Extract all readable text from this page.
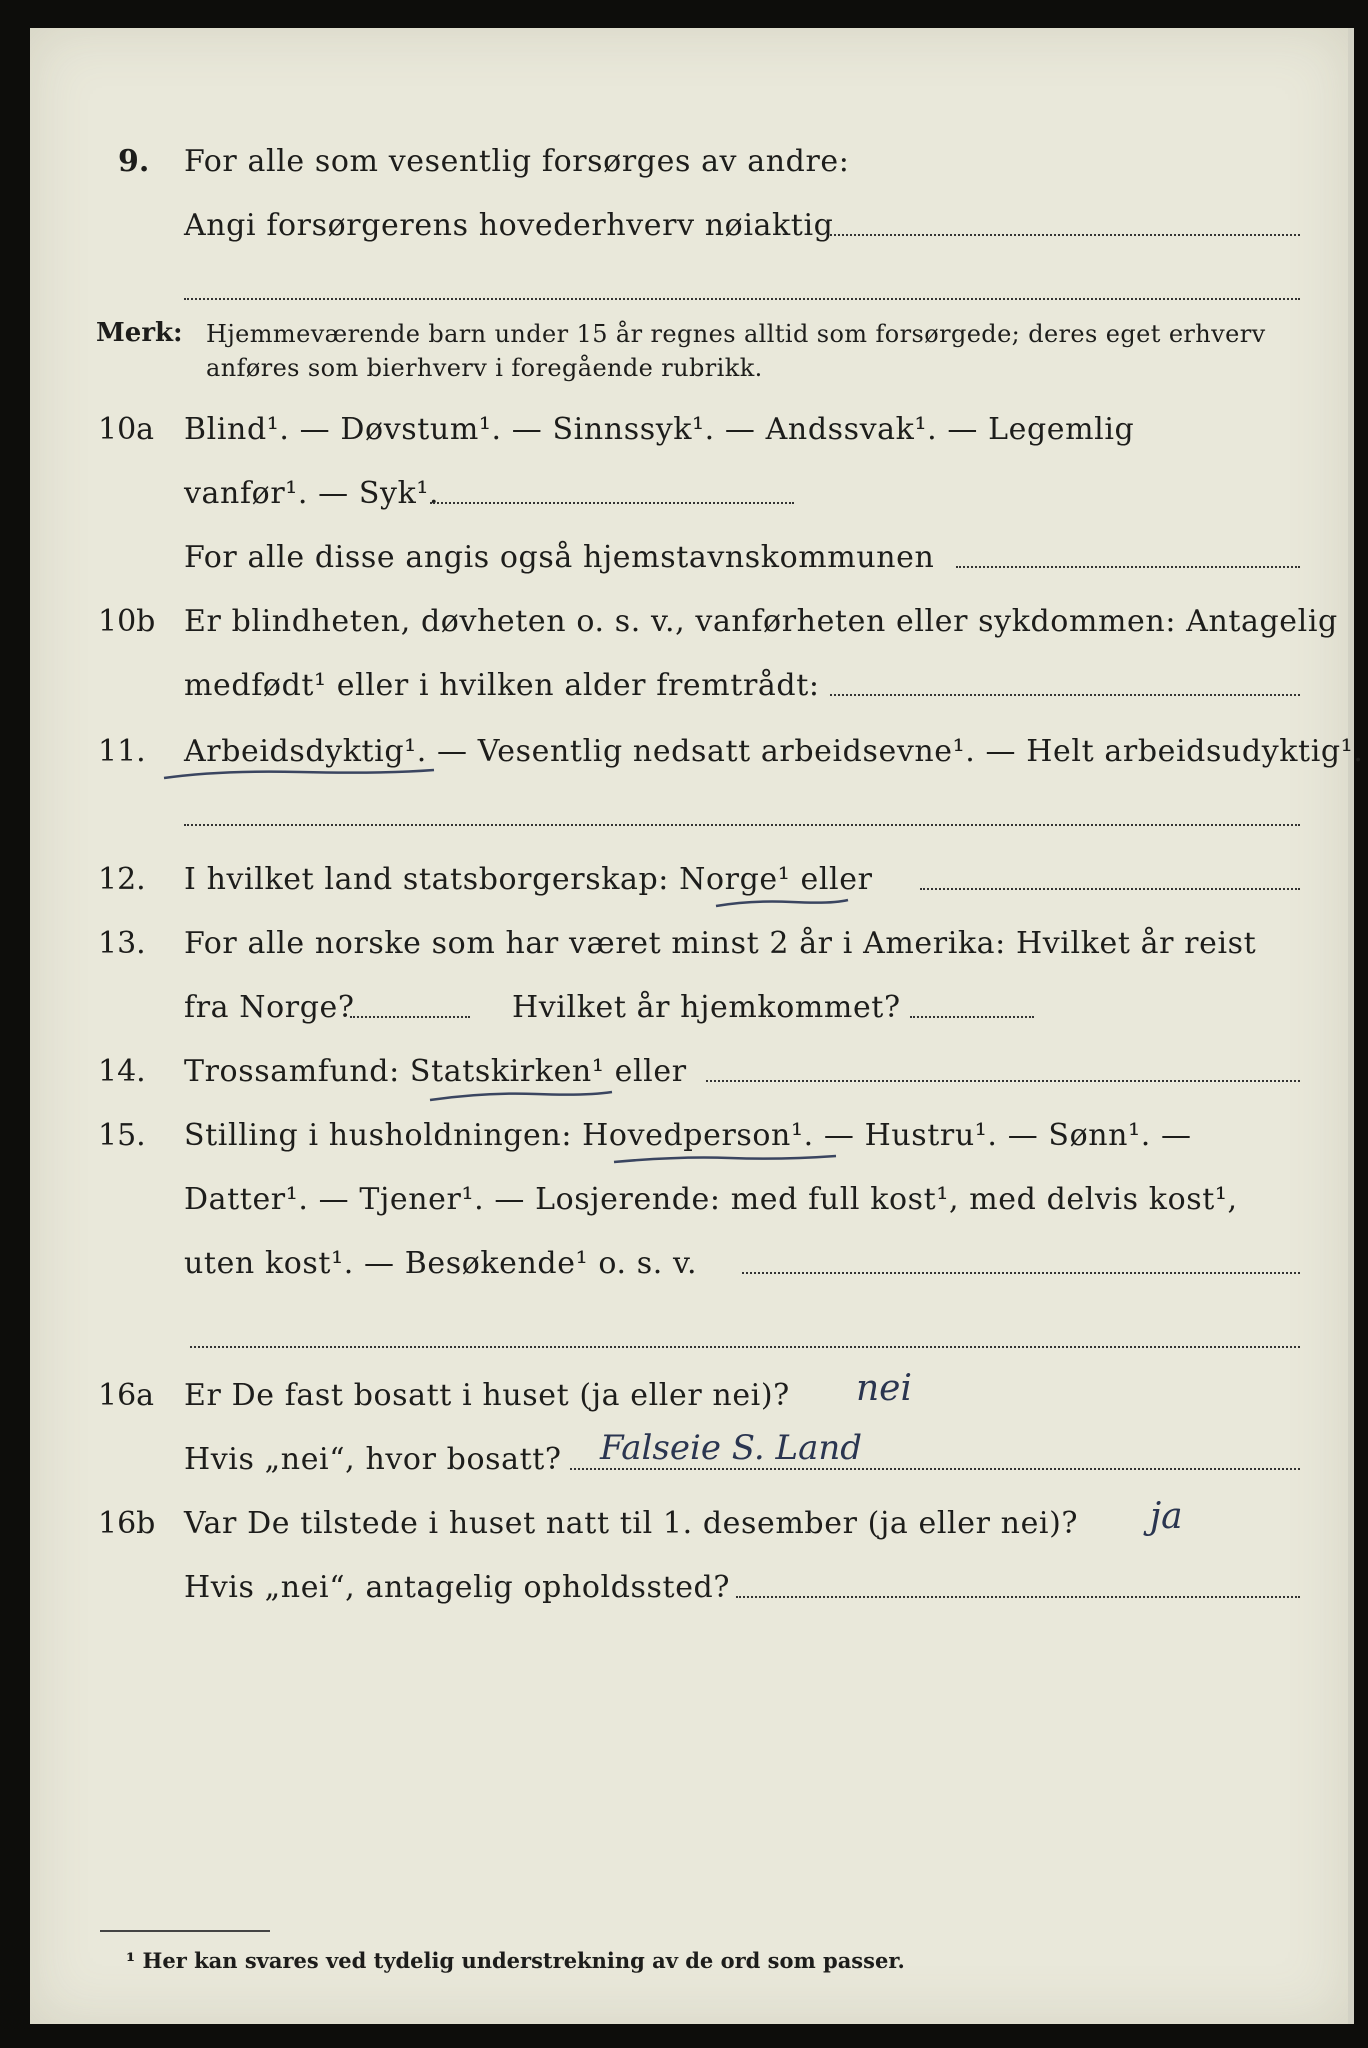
9. For alle som vesentlig forsørges av andre:
Angi forsørgerens hovederhverv nøiaktig
Merk: Hjemmeværende barn under 15 år regnes alltid som forsørgede; deres eget erhverv
anføres som bierhverv i foregående rubrikk.
10a Blind¹. — Døvstum¹. — Sinnssyk¹. — Andssvak¹. — Legemlig
vanfør¹. — Syk¹.
For alle disse angis også hjemstavnskommunen
10b Er blindheten, døvheten o. s. v., vanførheten eller sykdommen: Antagelig
medfødt¹ eller i hvilken alder fremtrådt:
11. Arbeidsdyktig¹. — Vesentlig nedsatt arbeidsevne¹. — Helt arbeidsudyktig¹.
12. I hvilket land statsborgerskap: Norge¹ eller
13. For alle norske som har været minst 2 år i Amerika: Hvilket år reist
fra Norge?	Hvilket år hjemkommet?
14. Trossamfund: Statskirken¹ eller
15. Stilling i husholdningen: Hovedperson¹. — Hustru¹. — Sønn¹. —
Datter¹. — Tjener¹. — Losjerende: med full kost¹, med delvis kost¹,
uten kost¹. — Besøkende¹ o. s. v.
16a Er De fast bosatt i huset (ja eller nei)? nei
Hvis „nei“, hvor bosatt? Falseie S. Land
16b Var De tilstede i huset natt til 1. desember (ja eller nei)? ja
Hvis „nei“, antagelig opholdssted?
¹ Her kan svares ved tydelig understrekning av de ord som passer.
